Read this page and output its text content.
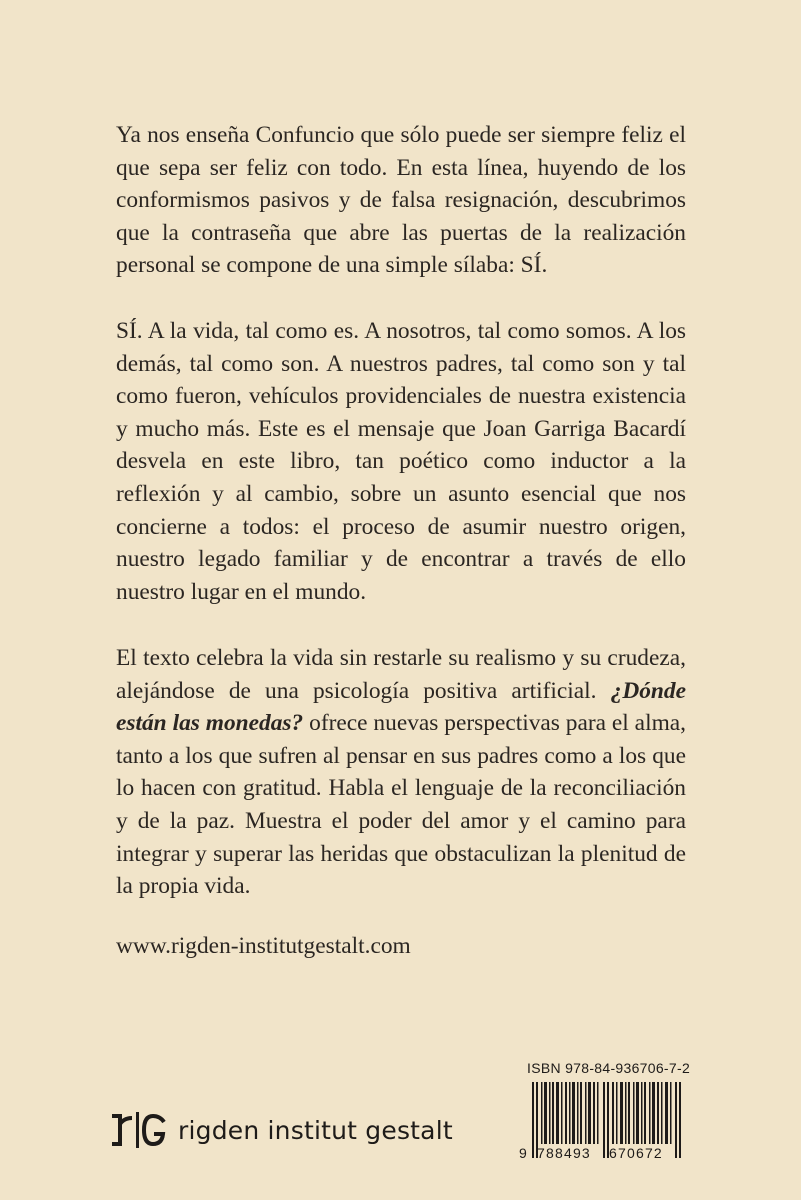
Ya nos enseña Confuncio que sólo puede ser siempre feliz el que sepa ser feliz con todo. En esta línea, huyendo de los conformismos pasivos y de falsa resignación, descubrimos que la contraseña que abre las puertas de la realización personal se compone de una simple sílaba: SÍ.
SÍ. A la vida, tal como es. A nosotros, tal como somos. A los demás, tal como son. A nuestros padres, tal como son y tal como fueron, vehículos providenciales de nuestra existencia y mucho más. Este es el mensaje que Joan Garriga Bacardí desvela en este libro, tan poético como inductor a la reflexión y al cambio, sobre un asunto esencial que nos concierne a todos: el proceso de asumir nuestro origen, nuestro legado familiar y de encontrar a través de ello nuestro lugar en el mundo.
El texto celebra la vida sin restarle su realismo y su crudeza, alejándose de una psicología positiva artificial. ¿Dónde están las monedas? ofrece nuevas perspectivas para el alma, tanto a los que sufren al pensar en sus padres como a los que lo hacen con gratitud. Habla el lenguaje de la reconciliación y de la paz. Muestra el poder del amor y el camino para integrar y superar las heridas que obstaculizan la plenitud de la propia vida.
www.rigden-institutgestalt.com
rigden institut gestalt
ISBN 978-84-936706-7-2
9 788493 670672
